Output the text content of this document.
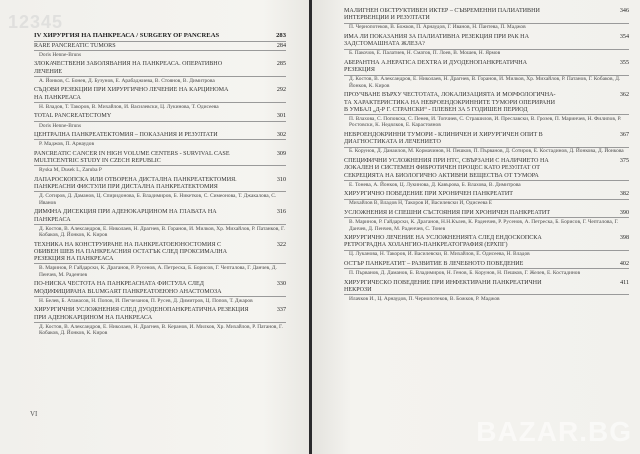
IV ХИРУРГИЯ НА ПАНКРЕАСА / SURGERY OF PANCREAS	283
RARE PANCREATIC TUMORS	284
Doris Henne-Bruns
ЗЛОКАЧЕСТВЕНИ ЗАБОЛЯВАНИЯ НА ПАНКРЕАСА. ОПЕРАТИВНО
ЛЕЧЕНИЕ
285
А. Йонков, С. Бонев, Д. Бузунов, Е. Арабаджиева, В. Стоянов, В. Димитрова
СЪДОВИ РЕЗЕКЦИИ ПРИ ХИРУРГИЧНО ЛЕЧЕНИЕ НА КАРЦИНОМА
НА ПАНКРЕАСА
292
Н. Владов, Т. Такоров, В. Михайлов, И. Василевски, Ц. Лукинова, Т. Одисеева
TOTAL PANCREATECTOMY	301
Doris Henne-Bruns
ЦЕНТРАЛНА ПАНКРЕАТЕКТОМИЯ – ПОКАЗАНИЯ И РЕЗУЛТАТИ	302
Р. Маджов, П. Арнаудов
PANCREATIC CANCER IN HIGH VOLUME CENTERS - SURVIVAL CASE
MULTICENTRIC STUDY IN CZECH REPUBLIC
309
Ryska M, Dusek L, Zaruba P
ЛАПАРОСКОПСКА ИЛИ ОТВОРЕНА ДИСТАЛНА ПАНКРЕАТЕКТОМИЯ.
ПАНКРЕАСНИ ФИСТУЛИ ПРИ ДИСТАЛНА ПАНКРЕАТЕКТОМИЯ
310
Д. Сотиров, Д. Даманов, Ц. Спиридонова, Б. Владимиров, Б. Никетков, С. Симеонова, Т. Джакалова, С. Иванов
ДИМФНА ДИСЕКЦИЯ ПРИ АДЕНОКАРЦИНОМ НА ГЛАВАТА НА
ПАНКРЕАСА
316
Д. Костов, В. Александров, Е. Николаев, Н. Драгнев, В. Горанов, И. Милков, Хр. Михайлов, Р. Патанков, Г. Кобаков, Д. Йонков, К. Киров
ТЕХНИКА НА КОНСТРУИРАНЕ НА ПАНКРЕАТОЕЮНОСТОМИЯ С
ОБИВЕН ШЕВ НА ПАНКРЕАСНИЯ ОСТАТЪК СЛЕД ПРОКСИМАЛНА
РЕЗЕКЦИЯ НА ПАНКРЕАСА
322
В. Маринов, Р. Гайдарски, К. Драганов, Р. Русенов, А. Петреска, Б. Борисов, Г. Чепталова, Г. Данчев, Д. Пенчев, М. Раденчев
ПО-НИСКА ЧЕСТОТА НА ПАНКРЕАСНАТА ФИСТУЛА СЛЕД
МОДИФИЦИРАНА BLUMGART ПАНКРЕАТОЕЮНО АНАСТОМОЗА
330
Н. Белев, Б. Атанасов, Н. Попов, И. Пегчезанов, П. Русев, Д. Димитров, Ц. Попов, Т. Джаров
ХИРУРГИЧНИ УСЛОЖНЕНИЯ СЛЕД ДУОДЕНОПАНКРЕАТИЧНА РЕЗЕКЦИЯ
ПРИ АДЕНОКАРЦИНОМ НА ПАНКРЕАСА
337
Д. Костов, В. Александров, Е. Николаев, Н. Драгнев, В. Керанов, И. Милков, Хр. Михайлов, Р. Патанов, Г. Кобаков, Д. Йонков, К. Киров
VI
12345
МАЛИГНЕН ОБСТРУКТИВЕН ИКТЕР – СЪВРЕМЕННИ ПАЛИАТИВНИ
ИНТЕРВЕНЦИИ И РЕЗУЛТАТИ
346
П. Чернопотеков, В. Божков, П. Арнаудов, Г. Иванов, Н. Пантева, П. Маджов
ИМА ЛИ ПОКАЗАНИЯ ЗА ПАЛИАТИВНА РЕЗЕКЦИЯ ПРИ РАК НА
ЗАДСТОМАШНАТА ЖЛЕЗА?
354
Б. Пакочов, Е. Палатиев, Н. Сматов, П. Лоев, В. Мошев, Н. Ярмов
АБЕРАНТНА A.HEPATICA DEXTRA И ДУОДЕНОПАНКРЕАТИЧНА
РЕЗЕКЦИЯ
355
Д. Костов, В. Александров, Е. Николаев, Н. Драгнев, В. Горанов, И. Милков, Хр. Михайлов, Р. Патанов, Г. Кобаков, Д. Йонков, К. Киров
ПРОУЧВАНЕ ВЪРХУ ЧЕСТОТАТА, ЛОКАЛИЗАЦИЯТА И МОРФОЛОГИЧНА-
ТА ХАРАКТЕРИСТИКА НА НЕВРОЕНДОКРИННИТЕ ТУМОРИ ОПЕРИРАНИ
В УМБАЛ „Д-Р Г. СТРАНСКИ“ - ПЛЕВЕН ЗА 5 ГОДИШЕН ПЕРИОД
362
П. Влахова, С. Поповска, С. Пенев, И. Топчиев, С. Страшилов, И. Преславски, В. Грозев, П. Маринчев, Н. Филипов, Р. Ростовски, К. Недялков, Е. Карастоянов
НЕВРОЕНДОКРИННИ ТУМОРИ - КЛИНИЧЕН И ХИРУРГИЧЕН ОПИТ В
ДИАГНОСТИКАТА И ЛЕЧЕНИЕТО
367
Б. Корунов, Д. Данаилов, М. Кормачинов, Н. Пешков, П. Първанов, Д. Сотиров, Е. Костадинов, Д. Йонкова, Д. Йонкова
СПЕЦИФИЧНИ УСЛОЖНЕНИЯ ПРИ НТС, СВЪРЗАНИ С НАЛИЧИЕТО НА
ЛОКАЛЕН И СИСТЕМЕН ФИБРОТИЧЕН ПРОЦЕС КАТО РЕЗУЛТАТ ОТ
СЕКРЕЦИЯТА НА БИОЛОГИЧНО АКТИВНИ ВЕЩЕСТВА ОТ ТУМОРА
375
Е. Тонева, А. Йонков, Ц. Лукинова, Д. Кавърова, Б. Влахова, В. Димитрова
ХИРУРГИЧНО ПОВЕДЕНИЕ ПРИ ХРОНИЧЕН ПАНКРЕАТИТ	382
Михайлов В, Владов Н, Такоров И, Василевски И, Одисеева Е
УСЛОЖНЕНИЯ И СПЕШНИ СЪСТОЯНИЯ ПРИ ХРОНИЧЕН ПАНКРЕАТИТ	390
В. Маринов, Р. Гайдарски, К. Драганов, Н.Н.Кълев, К. Раденчев, Р. Русенов, А. Петреска, Б. Борисов, Г. Чепталова, Г. Данчев, Д. Пенчев, М. Раденчев, С. Тонев
ХИРУРГИЧНО ЛЕЧЕНИЕ НА УСЛОЖНЕНИЯТА СЛЕД ЕНДОСКОПСКА
РЕТРОГРАДНА ХОЛАНГИО-ПАНКРЕАТОГРАФИЯ (ЕРХПГ)
398
Ц. Луканова, Н. Такоров, И. Василевски, В. Михайлов, Е. Одисеева, Н. Владов
ОСТЪР ПАНКРЕАТИТ – РАЗВИТИЕ В ЛЕЧЕБНОТО ПОВЕДЕНИЕ	402
П. Първанов, Д. Даманов, Б. Владимиров, Н. Генов, Б. Корунов, Н. Пешков, Г. Желев, Е. Костадинов
ХИРУРГИЧЕСКО ПОВЕДЕНИЕ ПРИ ИНФЕКТИРАНИ ПАНКРЕАТИЧНИ
НЕКРОЗИ
411
Илачков И., Ц. Арнаудов, П. Чернопотеков, В. Божков, Р. Маджов
BAZAR.BG
